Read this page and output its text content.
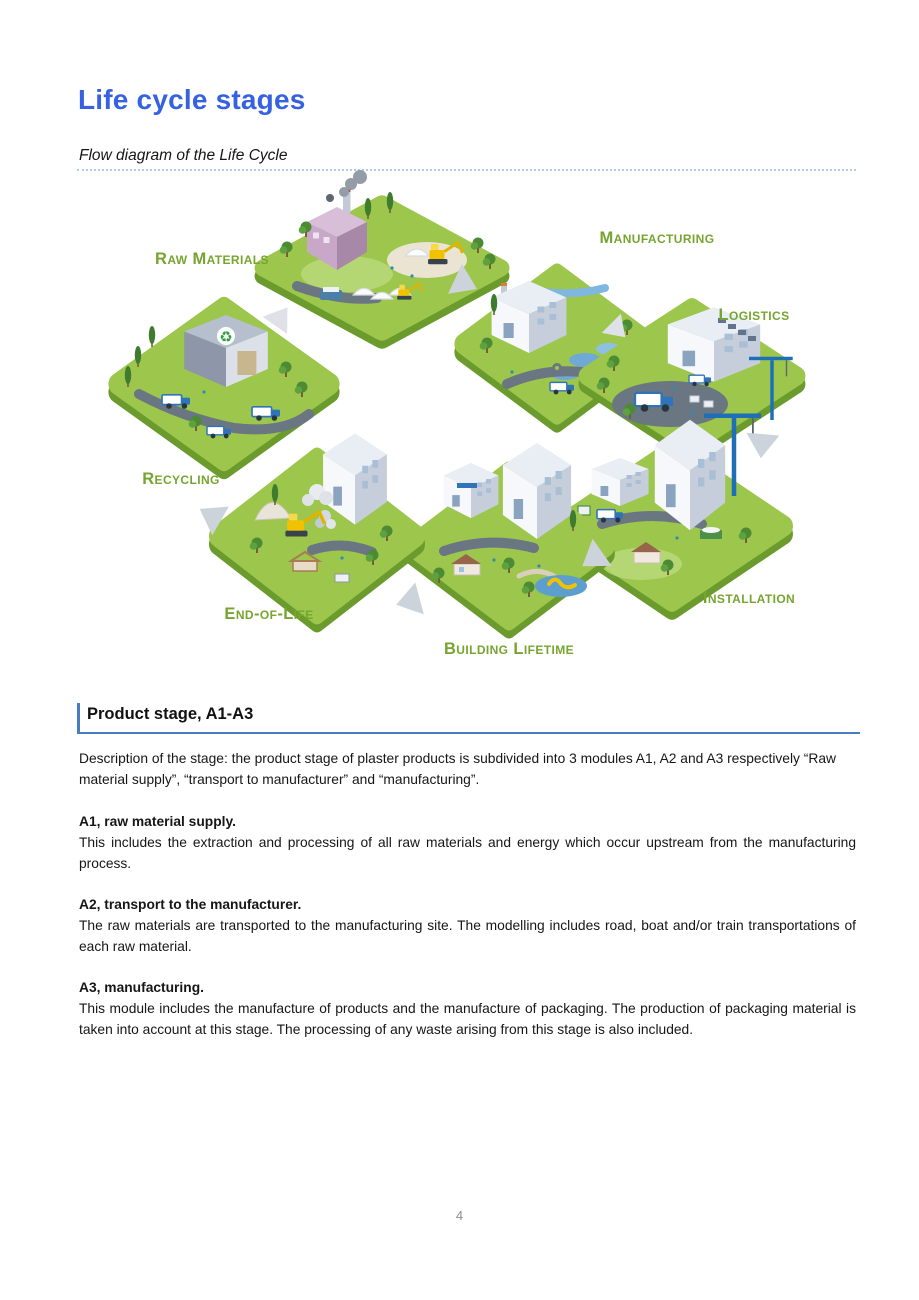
Life cycle stages
Flow diagram of the Life Cycle
♻
Raw Materials
Manufacturing
Logistics
Installation
Building Lifetime
End-of-Life
Recycling
Product stage, A1-A3

Description of the stage: the product stage of plaster products is subdivided into 3 modules A1, A2 and A3 respectively “Raw material supply”, “transport to manufacturer” and “manufacturing”.

A1, raw material supply.

This includes the extraction and processing of all raw materials and energy which occur upstream from the manufacturing process.

A2, transport to the manufacturer.

The raw materials are transported to the manufacturing site. The modelling includes road, boat and/or train transportations of each raw material.

A3, manufacturing.

This module includes the manufacture of products and the manufacture of packaging. The production of packaging material is taken into account at this stage. The processing of any waste arising from this stage is also included.

4
